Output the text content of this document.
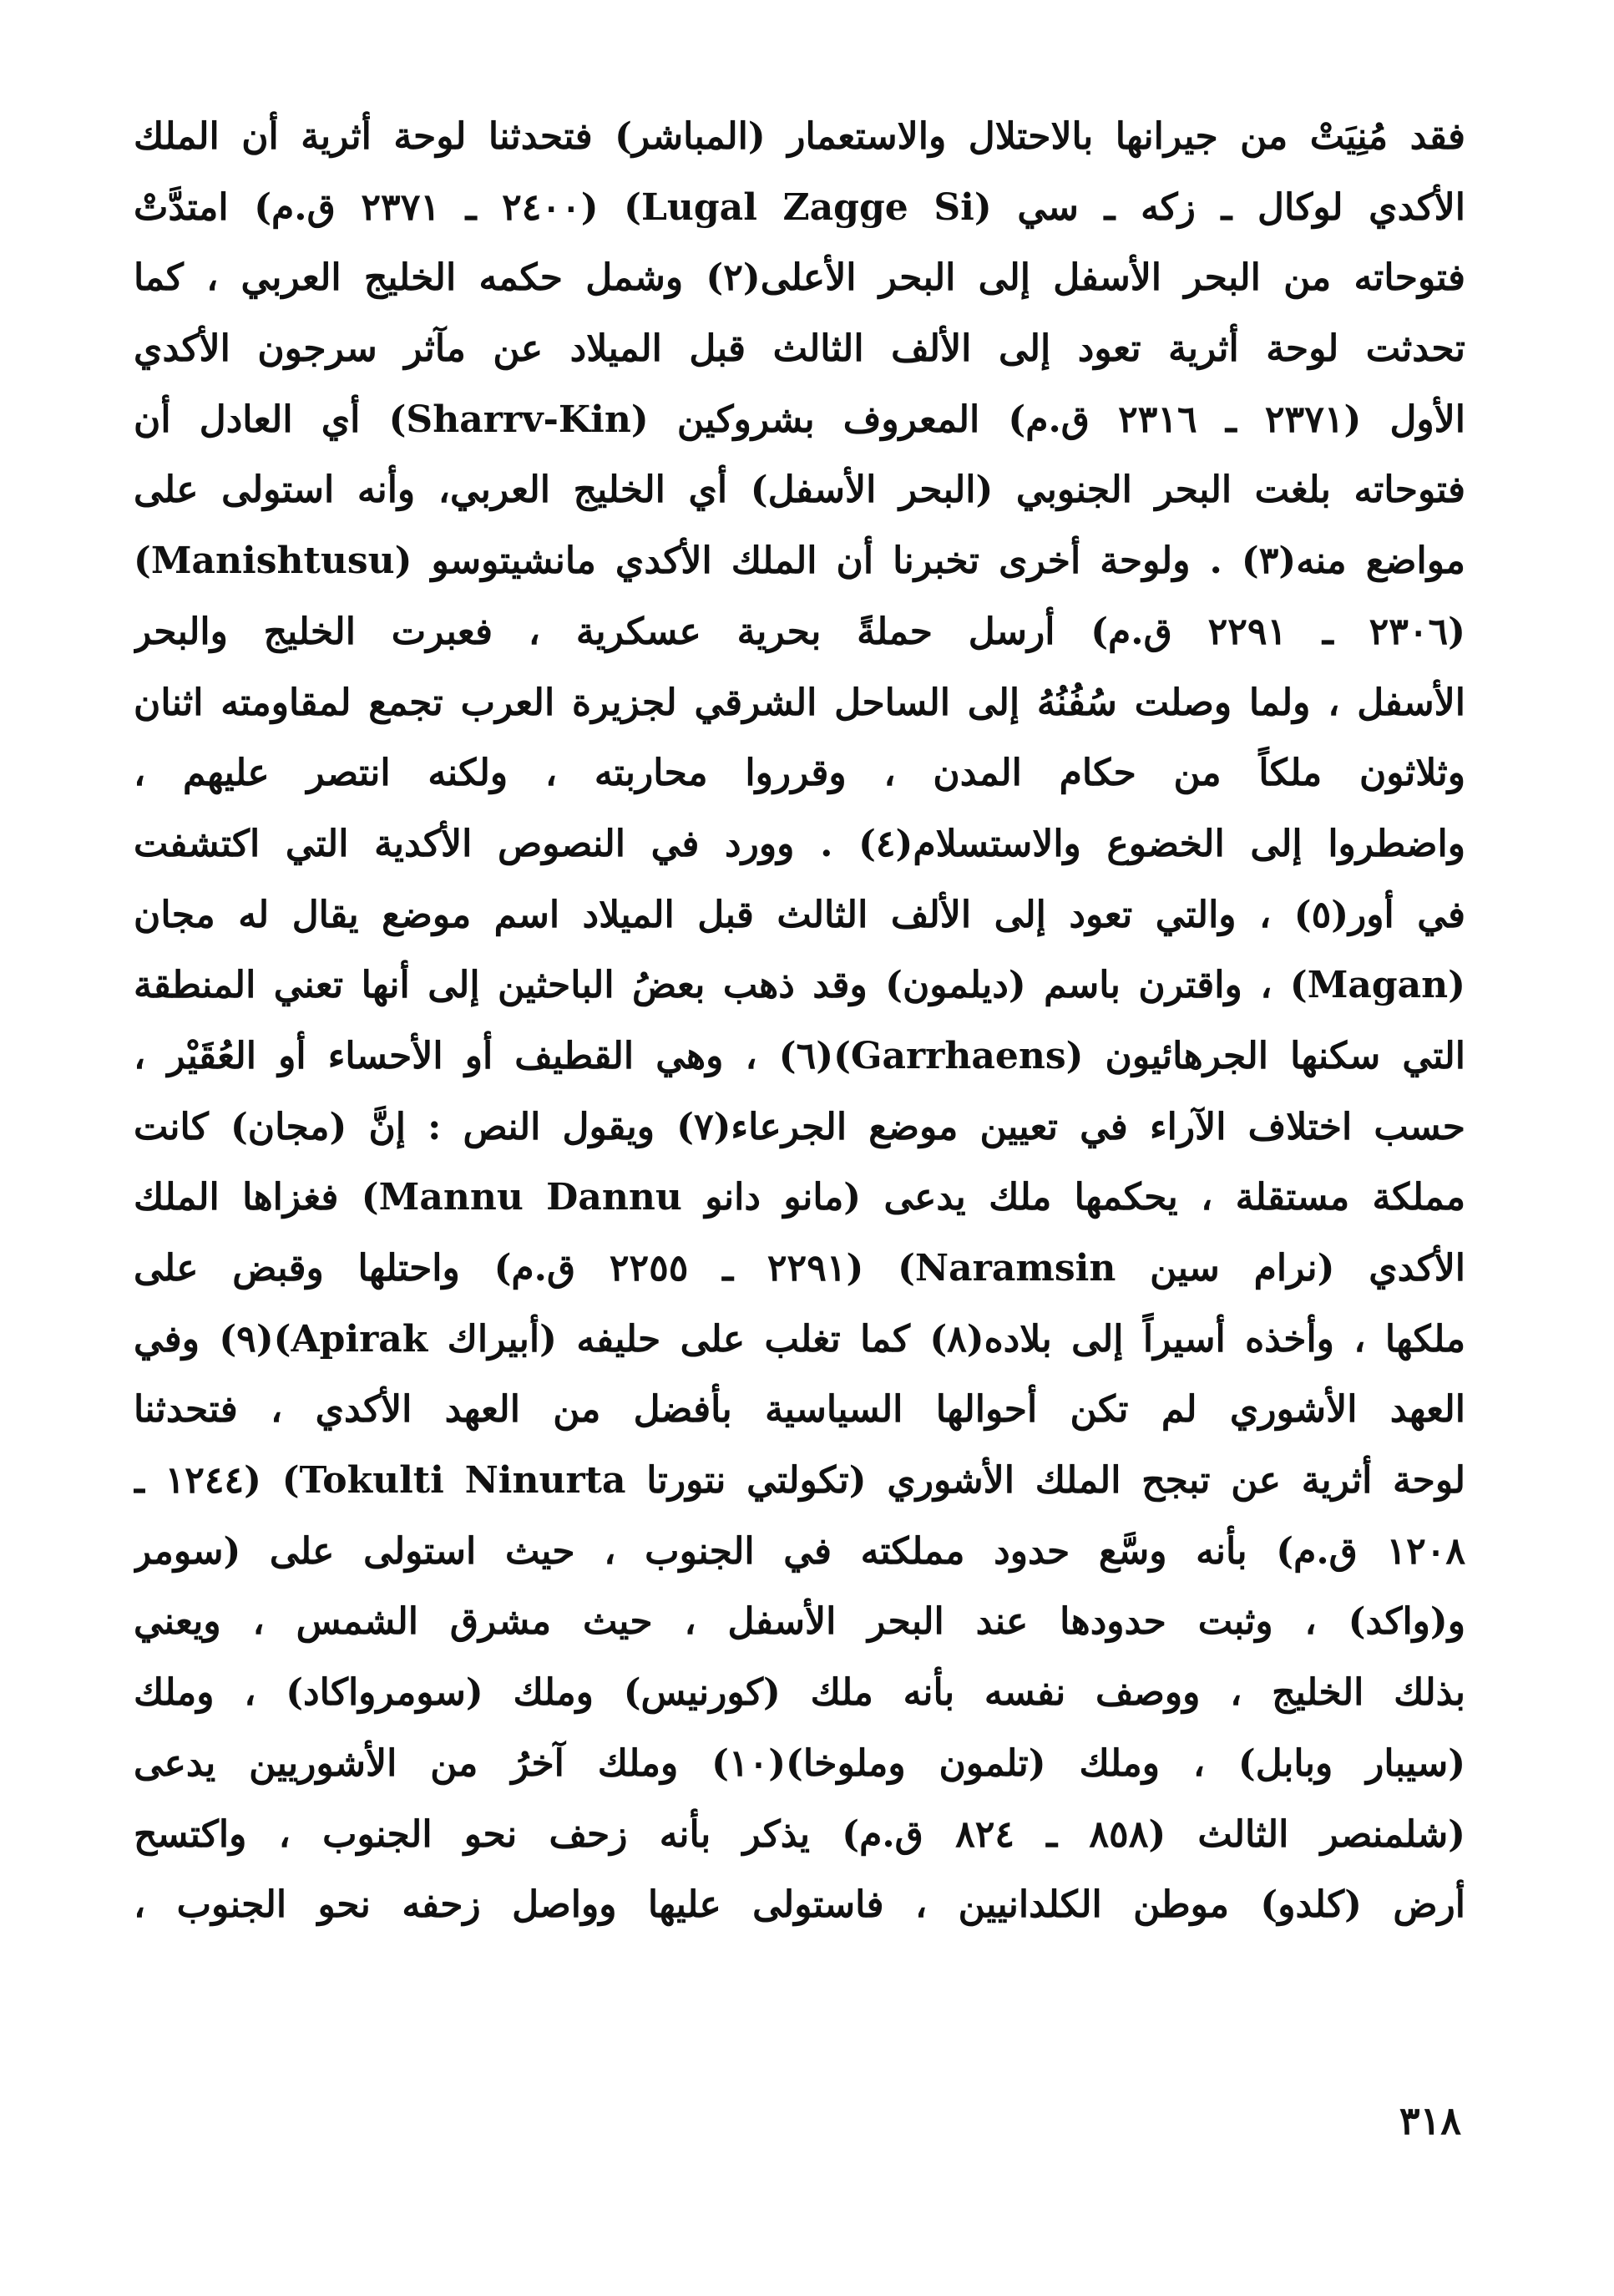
فقد مُنِيَتْ من جيرانها بالاحتلال والاستعمار (المباشر) فتحدثنا لوحة أثرية أن الملك
الأكدي لوكال ـ زكه ـ سي (Lugal Zagge Si) (٢٤٠٠ ـ ٢٣٧١ ق.م) امتدَّتْ
فتوحاته من البحر الأسفل إلى البحر الأعلى(٢) وشمل حكمه الخليج العربي ، كما
تحدثت لوحة أثرية تعود إلى الألف الثالث قبل الميلاد عن مآثر سرجون الأكدي
الأول (٢٣٧١ ـ ٢٣١٦ ق.م) المعروف بشروكين (Sharrv-Kin) أي العادل أن
فتوحاته بلغت البحر الجنوبي (البحر الأسفل) أي الخليج العربي، وأنه استولى على
مواضع منه(٣) . ولوحة أخرى تخبرنا أن الملك الأكدي مانشيتوسو (Manishtusu)
(٢٣٠٦ ـ ٢٢٩١ ق.م) أرسل حملةً بحرية عسكرية ، فعبرت الخليج والبحر
الأسفل ، ولما وصلت سُفُنُهُ إلى الساحل الشرقي لجزيرة العرب تجمع لمقاومته اثنان
وثلاثون ملكاً من حكام المدن ، وقرروا محاربته ، ولكنه انتصر عليهم ،
واضطروا إلى الخضوع والاستسلام(٤) . وورد في النصوص الأكدية التي اكتشفت
في أور(٥) ، والتي تعود إلى الألف الثالث قبل الميلاد اسم موضع يقال له مجان
(Magan) ، واقترن باسم (ديلمون) وقد ذهب بعضُ الباحثين إلى أنها تعني المنطقة
التي سكنها الجرهائيون (Garrhaens)(٦) ، وهي القطيف أو الأحساء أو العُقَيْر ،
حسب اختلاف الآراء في تعيين موضع الجرعاء(٧) ويقول النص : إنَّ (مجان) كانت
مملكة مستقلة ، يحكمها ملك يدعى (مانو دانو Mannu Dannu) فغزاها الملك
الأكدي (نرام سين Naramsin) (٢٢٩١ ـ ٢٢٥٥ ق.م) واحتلها وقبض على
ملكها ، وأخذه أسيراً إلى بلاده(٨) كما تغلب على حليفه (أبيراك Apirak)(٩) وفي
العهد الأشوري لم تكن أحوالها السياسية بأفضل من العهد الأكدي ، فتحدثنا
لوحة أثرية عن تبجح الملك الأشوري (تكولتي نتورتا Tokulti Ninurta) (١٢٤٤ ـ
١٢٠٨ ق.م) بأنه وسَّع حدود مملكته في الجنوب ، حيث استولى على (سومر
و(واكد) ، وثبت حدودها عند البحر الأسفل ، حيث مشرق الشمس ، ويعني
بذلك الخليج ، ووصف نفسه بأنه ملك (كورنيس) وملك (سومرواكاد) ، وملك
(سيبار وبابل) ، وملك (تلمون وملوخا)(١٠) وملك آخرُ من الأشوريين يدعى
(شلمنصر الثالث (٨٥٨ ـ ٨٢٤ ق.م) يذكر بأنه زحف نحو الجنوب ، واكتسح
أرض (كلدو) موطن الكلدانيين ، فاستولى عليها وواصل زحفه نحو الجنوب ،
٣١٨
